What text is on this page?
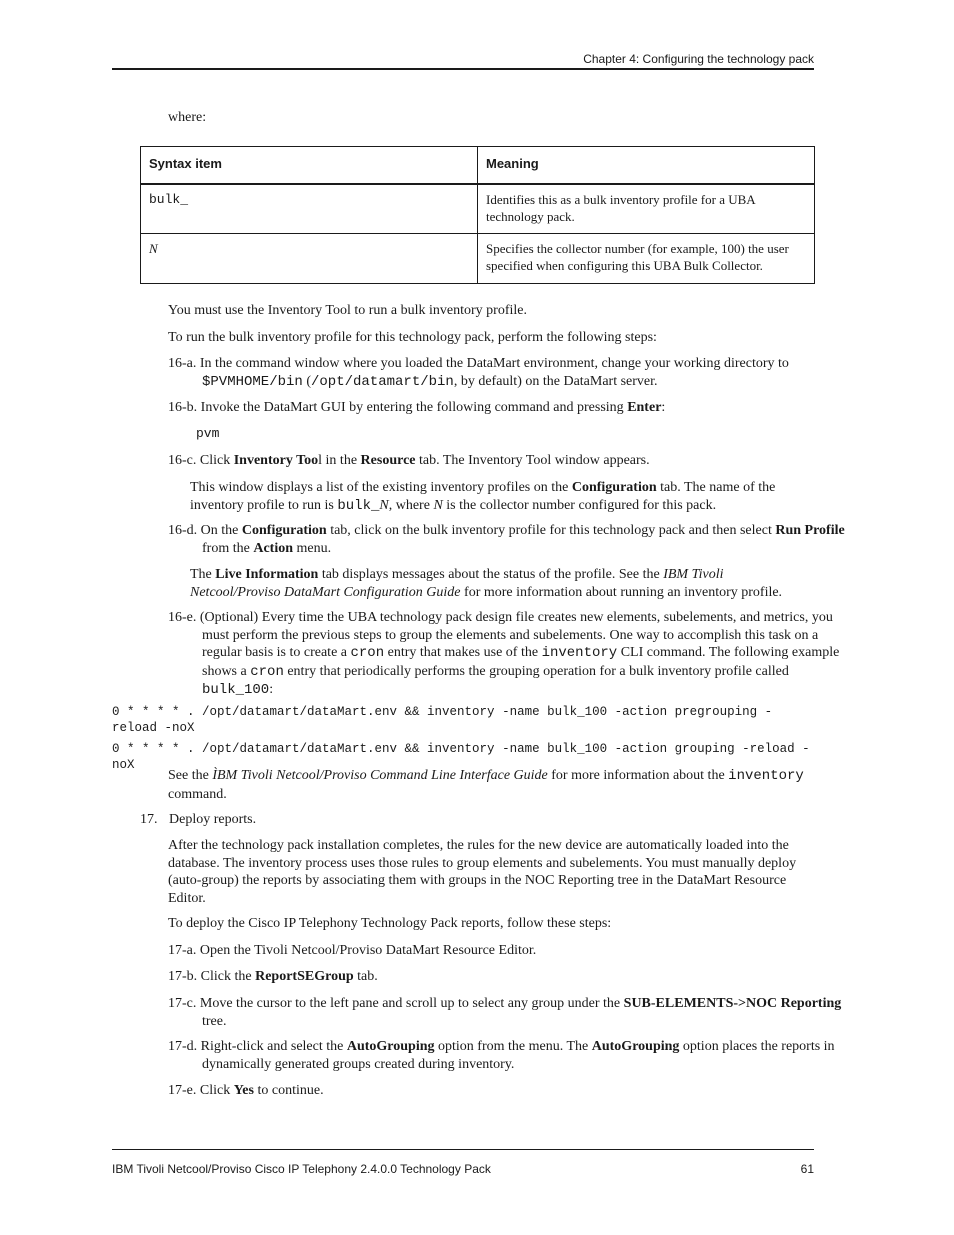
Chapter 4: Configuring the technology pack

where:

Syntax item	Meaning
bulk_	Identifies this as a bulk inventory profile for a UBA technology pack.
N	Specifies the collector number (for example, 100) the user specified when configuring this UBA Bulk Collector.

You must use the Inventory Tool to run a bulk inventory profile.

To run the bulk inventory profile for this technology pack, perform the following steps:

16-a. In the command window where you loaded the DataMart environment, change your working directory to $PVMHOME/bin (/opt/datamart/bin, by default) on the DataMart server.
16-b. Invoke the DataMart GUI by entering the following command and pressing Enter:
pvm
16-c. Click Inventory Tool in the Resource tab. The Inventory Tool window appears.
This window displays a list of the existing inventory profiles on the Configuration tab. The name of the inventory profile to run is bulk_N, where N is the collector number configured for this pack.
16-d. On the Configuration tab, click on the bulk inventory profile for this technology pack and then select Run Profile from the Action menu.
The Live Information tab displays messages about the status of the profile. See the IBM Tivoli Netcool/Proviso DataMart Configuration Guide for more information about running an inventory profile.
16-e. (Optional) Every time the UBA technology pack design file creates new elements, subelements, and metrics, you must perform the previous steps to group the elements and subelements. One way to accomplish this task on a regular basis is to create a cron entry that makes use of the inventory CLI command. The following example shows a cron entry that periodically performs the grouping operation for a bulk inventory profile called bulk_100:
0 * * * * . /opt/datamart/dataMart.env && inventory -name bulk_100 -action pregrouping -reload -noX
0 * * * * . /opt/datamart/dataMart.env && inventory -name bulk_100 -action grouping -reload -noX
See the ÌBM Tivoli Netcool/Proviso Command Line Interface Guide for more information about the inventory command.
17. Deploy reports.

After the technology pack installation completes, the rules for the new device are automatically loaded into the database. The inventory process uses those rules to group elements and subelements. You must manually deploy (auto-group) the reports by associating them with groups in the NOC Reporting tree in the DataMart Resource Editor.

To deploy the Cisco IP Telephony Technology Pack reports, follow these steps:

17-a. Open the Tivoli Netcool/Proviso DataMart Resource Editor.
17-b. Click the ReportSEGroup tab.
17-c. Move the cursor to the left pane and scroll up to select any group under the SUB-ELEMENTS->NOC Reporting tree.
17-d. Right-click and select the AutoGrouping option from the menu. The AutoGrouping option places the reports in dynamically generated groups created during inventory.
17-e. Click Yes to continue.
IBM Tivoli Netcool/Proviso Cisco IP Telephony 2.4.0.0 Technology Pack	61
